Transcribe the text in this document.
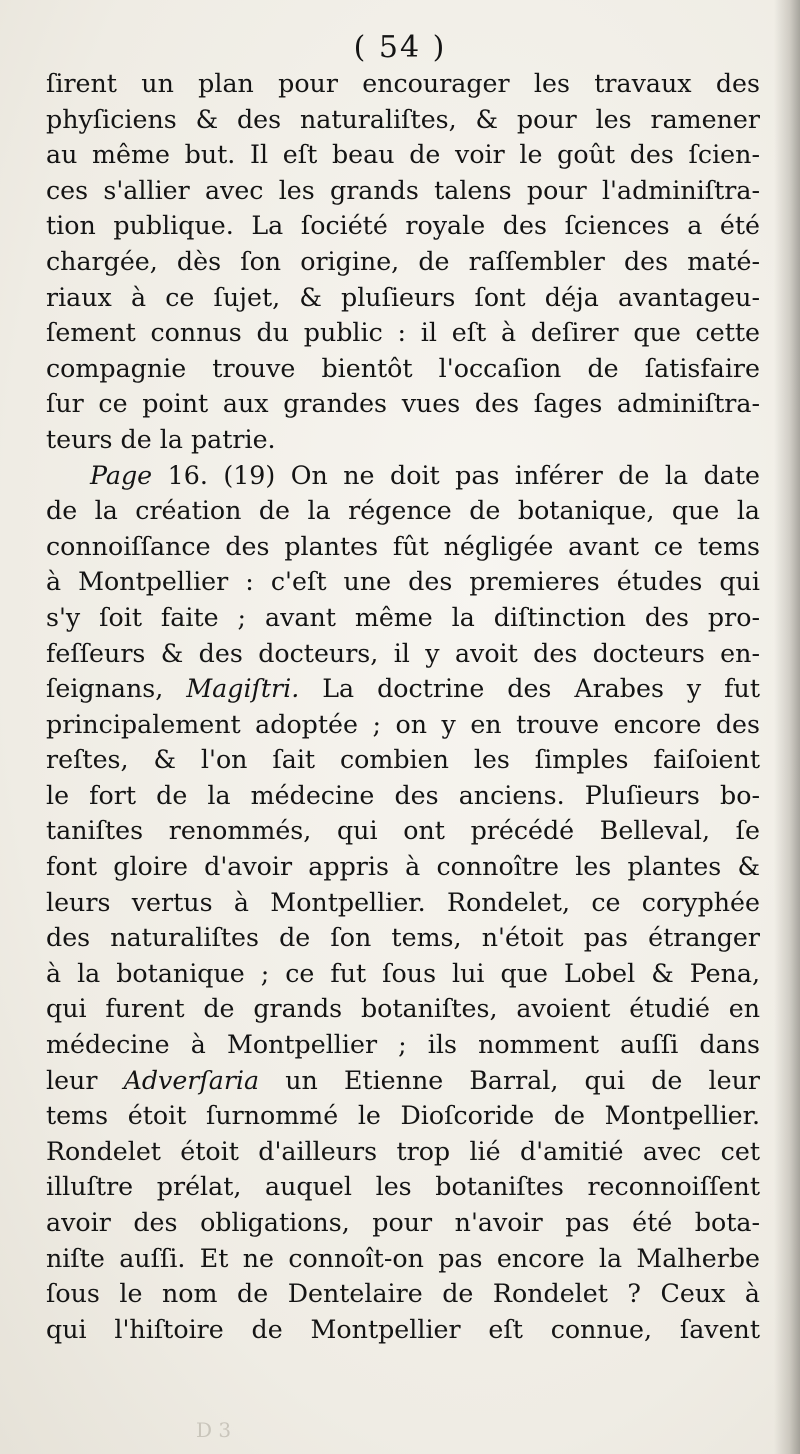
( 54 )
ſirent un plan pour encourager les travaux des
phyſiciens & des naturaliſtes, & pour les ramener
au même but. Il eſt beau de voir le goût des ſcien-
ces s'allier avec les grands talens pour l'adminiſtra-
tion publique. La ſociété royale des ſciences a été
chargée, dès ſon origine, de raſſembler des maté-
riaux à ce ſujet, & pluſieurs ſont déja avantageu-
ſement connus du public : il eſt à deſirer que cette
compagnie trouve bientôt l'occaſion de ſatisfaire
ſur ce point aux grandes vues des ſages adminiſtra-
teurs de la patrie.
Page 16. (19) On ne doit pas inférer de la date
de la création de la régence de botanique, que la
connoiſſance des plantes fût négligée avant ce tems
à Montpellier : c'eſt une des premieres études qui
s'y ſoit faite ; avant même la diſtinction des pro-
feſſeurs & des docteurs, il y avoit des docteurs en-
ſeignans, Magiſtri. La doctrine des Arabes y fut
principalement adoptée ; on y en trouve encore des
reſtes, & l'on ſait combien les ſimples faiſoient
le fort de la médecine des anciens. Pluſieurs bo-
taniſtes renommés, qui ont précédé Belleval, ſe
font gloire d'avoir appris à connoître les plantes &
leurs vertus à Montpellier. Rondelet, ce coryphée
des naturaliſtes de ſon tems, n'étoit pas étranger
à la botanique ; ce fut ſous lui que Lobel & Pena,
qui furent de grands botaniſtes, avoient étudié en
médecine à Montpellier ; ils nomment auſſi dans
leur Adverſaria un Etienne Barral, qui de leur
tems étoit ſurnommé le Dioſcoride de Montpellier.
Rondelet étoit d'ailleurs trop lié d'amitié avec cet
illuſtre prélat, auquel les botaniſtes reconnoiſſent
avoir des obligations, pour n'avoir pas été bota-
niſte auſſi. Et ne connoît-on pas encore la Malherbe
ſous le nom de Dentelaire de Rondelet ? Ceux à
qui l'hiſtoire de Montpellier eſt connue, ſavent
D 3
